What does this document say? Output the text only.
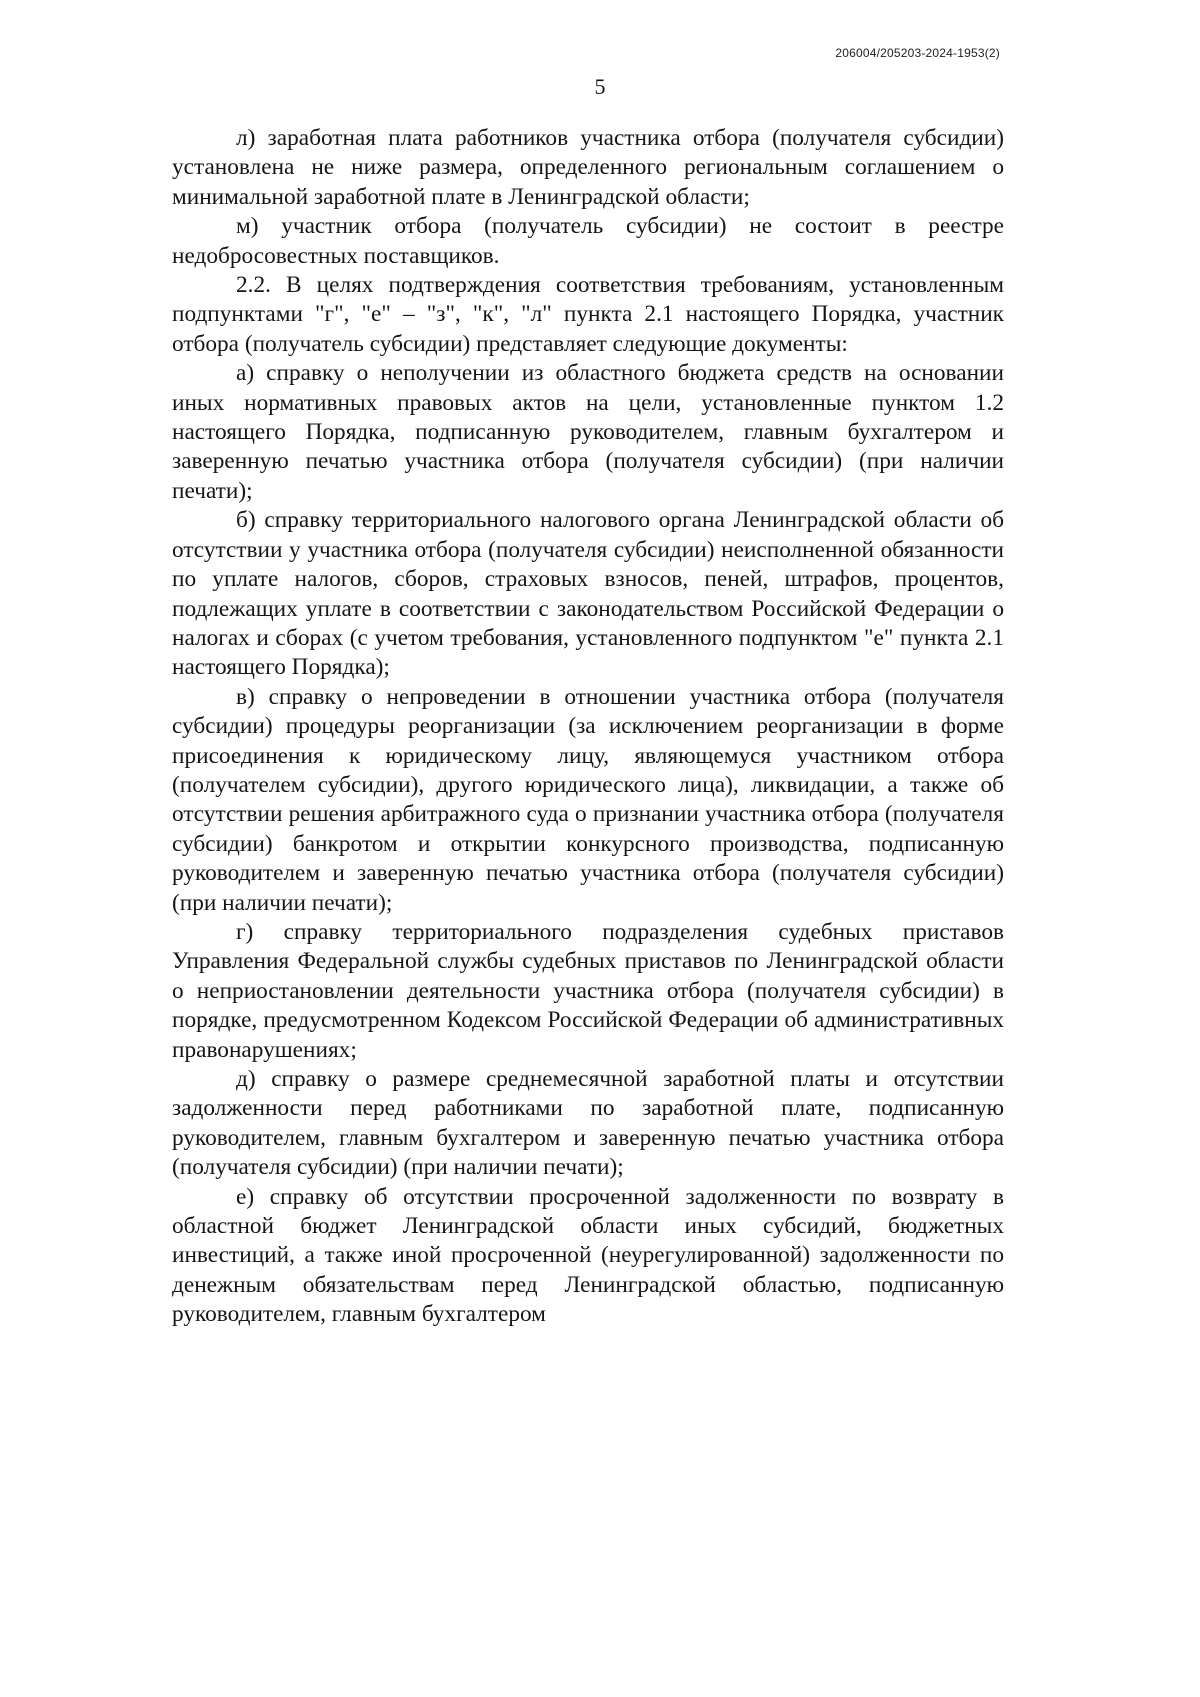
206004/205203-2024-1953(2)
5

л) заработная плата работников участника отбора (получателя субсидии) установлена не ниже размера, определенного региональным соглашением о минимальной заработной плате в Ленинградской области;

м) участник отбора (получатель субсидии) не состоит в реестре недобросовестных поставщиков.

2.2. В целях подтверждения соответствия требованиям, установленным подпунктами "г", "е" – "з", "к", "л" пункта 2.1 настоящего Порядка, участник отбора (получатель субсидии) представляет следующие документы:

а) справку о неполучении из областного бюджета средств на основании иных нормативных правовых актов на цели, установленные пунктом 1.2 настоящего Порядка, подписанную руководителем, главным бухгалтером и заверенную печатью участника отбора (получателя субсидии) (при наличии печати);

б) справку территориального налогового органа Ленинградской области об отсутствии у участника отбора (получателя субсидии) неисполненной обязанности по уплате налогов, сборов, страховых взносов, пеней, штрафов, процентов, подлежащих уплате в соответствии с законодательством Российской Федерации о налогах и сборах (с учетом требования, установленного подпунктом "е" пункта 2.1 настоящего Порядка);

в) справку о непроведении в отношении участника отбора (получателя субсидии) процедуры реорганизации (за исключением реорганизации в форме присоединения к юридическому лицу, являющемуся участником отбора (получателем субсидии), другого юридического лица), ликвидации, а также об отсутствии решения арбитражного суда о признании участника отбора (получателя субсидии) банкротом и открытии конкурсного производства, подписанную руководителем и заверенную печатью участника отбора (получателя субсидии) (при наличии печати);

г) справку территориального подразделения судебных приставов Управления Федеральной службы судебных приставов по Ленинградской области о неприостановлении деятельности участника отбора (получателя субсидии) в порядке, предусмотренном Кодексом Российской Федерации об административных правонарушениях;

д) справку о размере среднемесячной заработной платы и отсутствии задолженности перед работниками по заработной плате, подписанную руководителем, главным бухгалтером и заверенную печатью участника отбора (получателя субсидии) (при наличии печати);

е) справку об отсутствии просроченной задолженности по возврату в областной бюджет Ленинградской области иных субсидий, бюджетных инвестиций, а также иной просроченной (неурегулированной) задолженности по денежным обязательствам перед Ленинградской областью, подписанную руководителем, главным бухгалтером
